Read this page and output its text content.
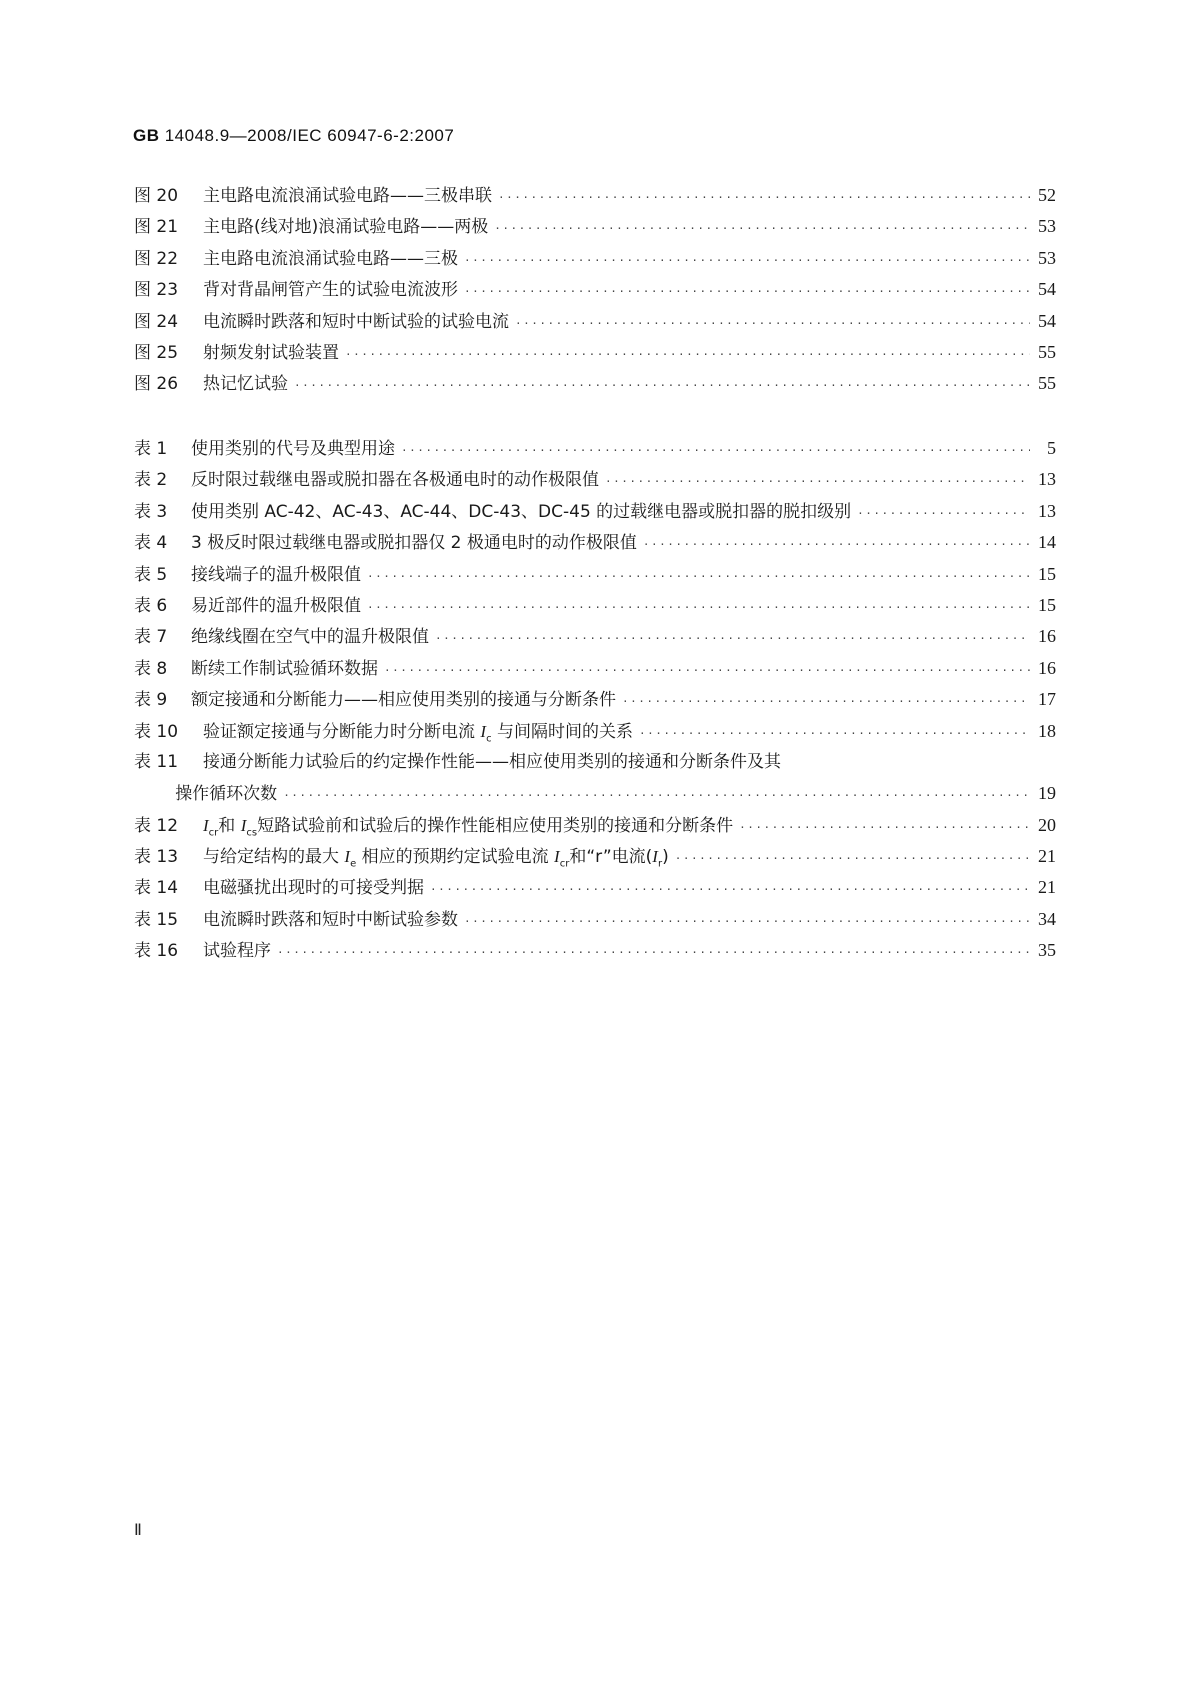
GB 14048.9—2008/IEC 60947-6-2:2007
图 20	主电路电流浪涌试验电路——三极串联 ·····	52
图 21	主电路(线对地)浪涌试验电路——两极 ·····	53
图 22	主电路电流浪涌试验电路——三极 ·····	53
图 23	背对背晶闸管产生的试验电流波形 ·····	54
图 24	电流瞬时跌落和短时中断试验的试验电流 ·····	54
图 25	射频发射试验装置 ·····	55
图 26	热记忆试验 ·····	55
表 1	使用类别的代号及典型用途 ·····	5
表 2	反时限过载继电器或脱扣器在各极通电时的动作极限值 ·····	13
表 3	使用类别 AC-42、AC-43、AC-44、DC-43、DC-45 的过载继电器或脱扣器的脱扣级别 ·····	13
表 4	3 极反时限过载继电器或脱扣器仅 2 极通电时的动作极限值 ·····	14
表 5	接线端子的温升极限值 ·····	15
表 6	易近部件的温升极限值 ·····	15
表 7	绝缘线圈在空气中的温升极限值 ·····	16
表 8	断续工作制试验循环数据 ·····	16
表 9	额定接通和分断能力——相应使用类别的接通与分断条件 ·····	17
表 10	验证额定接通与分断能力时分断电流 $I_c$ 与间隔时间的关系 ·····	18
表 11	接通分断能力试验后的约定操作性能——相应使用类别的接通和分断条件及其
操作循环次数 ·····	19
表 12	$I_{cr}$和 $I_{cs}$短路试验前和试验后的操作性能相应使用类别的接通和分断条件 ·····	20
表 13	与给定结构的最大 $I_e$ 相应的预期约定试验电流 $I_{cr}$和“r”电流$(I_r)$ ·····	21
表 14	电磁骚扰出现时的可接受判据 ·····	21
表 15	电流瞬时跌落和短时中断试验参数 ·····	34
表 16	试验程序 ·····	35
Ⅱ
